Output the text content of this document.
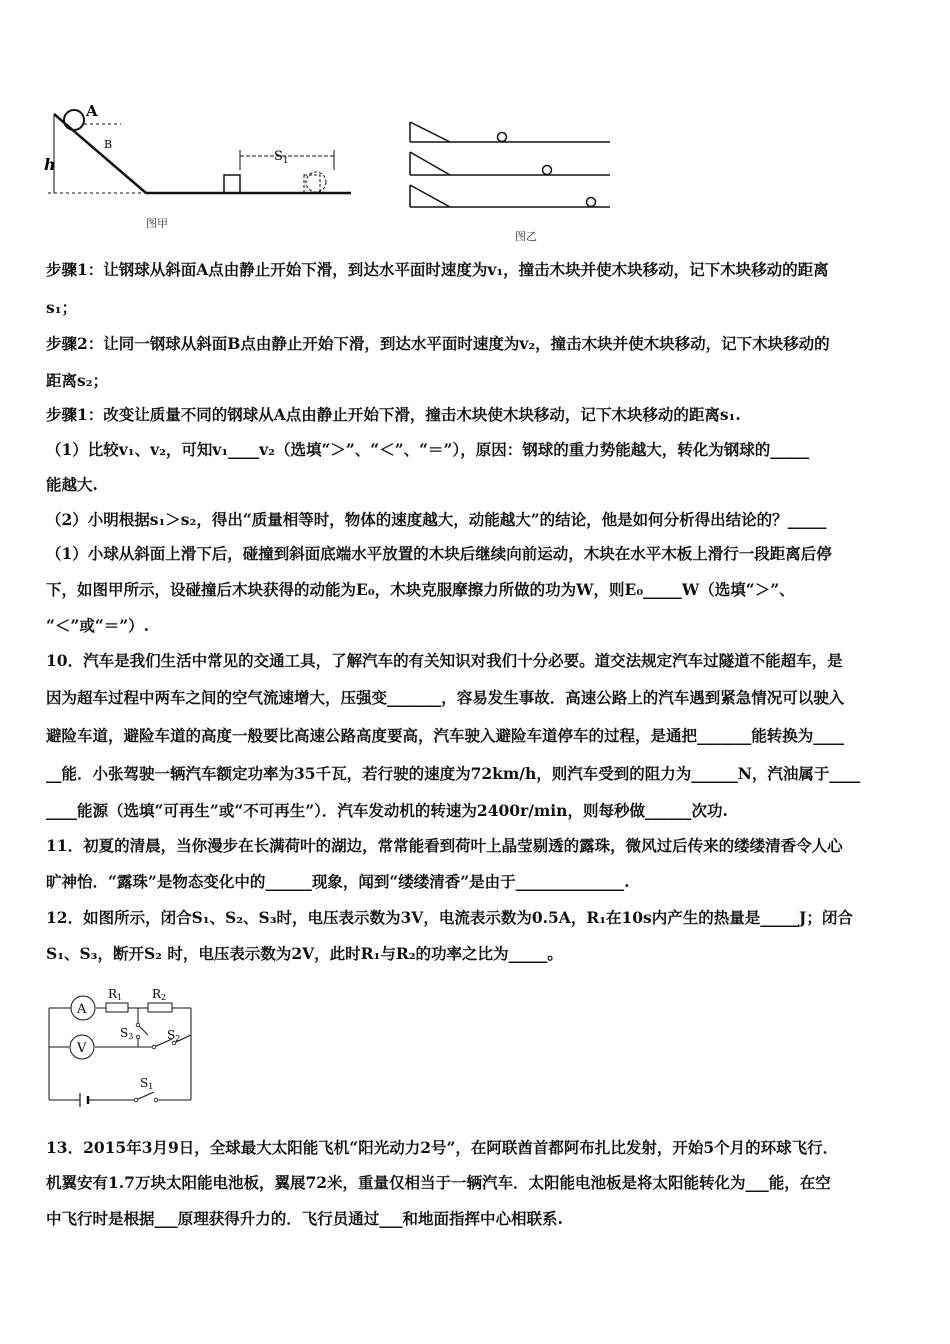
A
B
h	$S_1$
图甲
图乙
步骤1：让钢球从斜面A点由静止开始下滑，到达水平面时速度为v₁，撞击木块并使木块移动，记下木块移动的距离
s₁；
步骤2：让同一钢球从斜面B点由静止开始下滑，到达水平面时速度为v₂，撞击木块并使木块移动，记下木块移动的
距离s₂；
步骤1：改变让质量不同的钢球从A点由静止开始下滑，撞击木块使木块移动，记下木块移动的距离s₁.
（1）比较v₁、v₂，可知v₁____v₂（选填“＞”、“＜”、“＝”），原因：钢球的重力势能越大，转化为钢球的_____
能越大.
（2）小明根据s₁＞s₂，得出“质量相等时，物体的速度越大，动能越大”的结论，他是如何分析得出结论的？_____
（1）小球从斜面上滑下后，碰撞到斜面底端水平放置的木块后继续向前运动，木块在水平木板上滑行一段距离后停
下，如图甲所示，设碰撞后木块获得的动能为E₀，木块克服摩擦力所做的功为W，则E₀_____W（选填“＞”、
“＜”或“＝”）.
10．汽车是我们生活中常见的交通工具，了解汽车的有关知识对我们十分必要。道交法规定汽车过隧道不能超车，是
因为超车过程中两车之间的空气流速增大，压强变_______，容易发生事故．高速公路上的汽车遇到紧急情况可以驶入
避险车道，避险车道的高度一般要比高速公路高度要高，汽车驶入避险车道停车的过程，是通把_______能转换为____
__能．小张驾驶一辆汽车额定功率为35千瓦，若行驶的速度为72km/h，则汽车受到的阻力为______N，汽油属于____
____能源（选填“可再生”或“不可再生”）．汽车发动机的转速为2400r/min，则每秒做______次功.
11．初夏的清晨，当你漫步在长满荷叶的湖边，常常能看到荷叶上晶莹剔透的露珠，微风过后传来的缕缕清香令人心
旷神怡．“露珠”是物态变化中的______现象，闻到“缕缕清香”是由于______________.
12．如图所示，闭合S₁、S₂、S₃时，电压表示数为3V，电流表示数为0.5A，R₁在10s内产生的热量是_____J；闭合
S₁、S₃，断开S₂ 时，电压表示数为2V，此时R₁与R₂的功率之比为_____。
A
R1 R2
S3	S2
V
S1
13．2015年3月9日，全球最大太阳能飞机“阳光动力2号”，在阿联酋首都阿布扎比发射，开始5个月的环球飞行．
机翼安有1.7万块太阳能电池板，翼展72米，重量仅相当于一辆汽车．太阳能电池板是将太阳能转化为___能，在空
中飞行时是根据___原理获得升力的．飞行员通过___和地面指挥中心相联系.
